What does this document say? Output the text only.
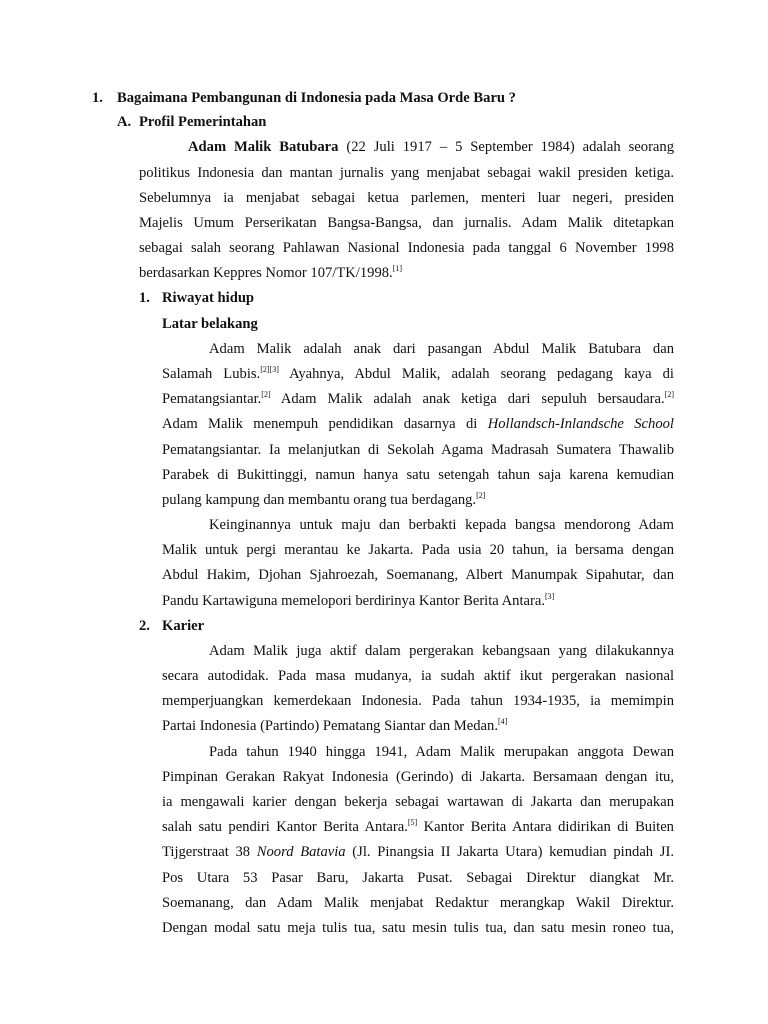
1. Bagaimana Pembangunan di Indonesia pada Masa Orde Baru ?
A. Profil Pemerintahan
Adam Malik Batubara (22 Juli 1917 – 5 September 1984) adalah seorang
politikus Indonesia dan mantan jurnalis yang menjabat sebagai wakil presiden ketiga.
Sebelumnya ia menjabat sebagai ketua parlemen, menteri luar negeri, presiden
Majelis Umum Perserikatan Bangsa-Bangsa, dan jurnalis. Adam Malik ditetapkan
sebagai salah seorang Pahlawan Nasional Indonesia pada tanggal 6 November 1998
berdasarkan Keppres Nomor 107/TK/1998.[1]
1. Riwayat hidup
Latar belakang
Adam Malik adalah anak dari pasangan Abdul Malik Batubara dan
Salamah Lubis.[2][3] Ayahnya, Abdul Malik, adalah seorang pedagang kaya di
Pematangsiantar.[2] Adam Malik adalah anak ketiga dari sepuluh bersaudara.[2]
Adam Malik menempuh pendidikan dasarnya di Hollandsch-Inlandsche School
Pematangsiantar. Ia melanjutkan di Sekolah Agama Madrasah Sumatera Thawalib
Parabek di Bukittinggi, namun hanya satu setengah tahun saja karena kemudian
pulang kampung dan membantu orang tua berdagang.[2]
Keinginannya untuk maju dan berbakti kepada bangsa mendorong Adam
Malik untuk pergi merantau ke Jakarta. Pada usia 20 tahun, ia bersama dengan
Abdul Hakim, Djohan Sjahroezah, Soemanang, Albert Manumpak Sipahutar, dan
Pandu Kartawiguna memelopori berdirinya Kantor Berita Antara.[3]
2. Karier
Adam Malik juga aktif dalam pergerakan kebangsaan yang dilakukannya
secara autodidak. Pada masa mudanya, ia sudah aktif ikut pergerakan nasional
memperjuangkan kemerdekaan Indonesia. Pada tahun 1934-1935, ia memimpin
Partai Indonesia (Partindo) Pematang Siantar dan Medan.[4]
Pada tahun 1940 hingga 1941, Adam Malik merupakan anggota Dewan
Pimpinan Gerakan Rakyat Indonesia (Gerindo) di Jakarta. Bersamaan dengan itu,
ia mengawali karier dengan bekerja sebagai wartawan di Jakarta dan merupakan
salah satu pendiri Kantor Berita Antara.[5] Kantor Berita Antara didirikan di Buiten
Tijgerstraat 38 Noord Batavia (Jl. Pinangsia II Jakarta Utara) kemudian pindah JI.
Pos Utara 53 Pasar Baru, Jakarta Pusat. Sebagai Direktur diangkat Mr.
Soemanang, dan Adam Malik menjabat Redaktur merangkap Wakil Direktur.
Dengan modal satu meja tulis tua, satu mesin tulis tua, dan satu mesin roneo tua,
